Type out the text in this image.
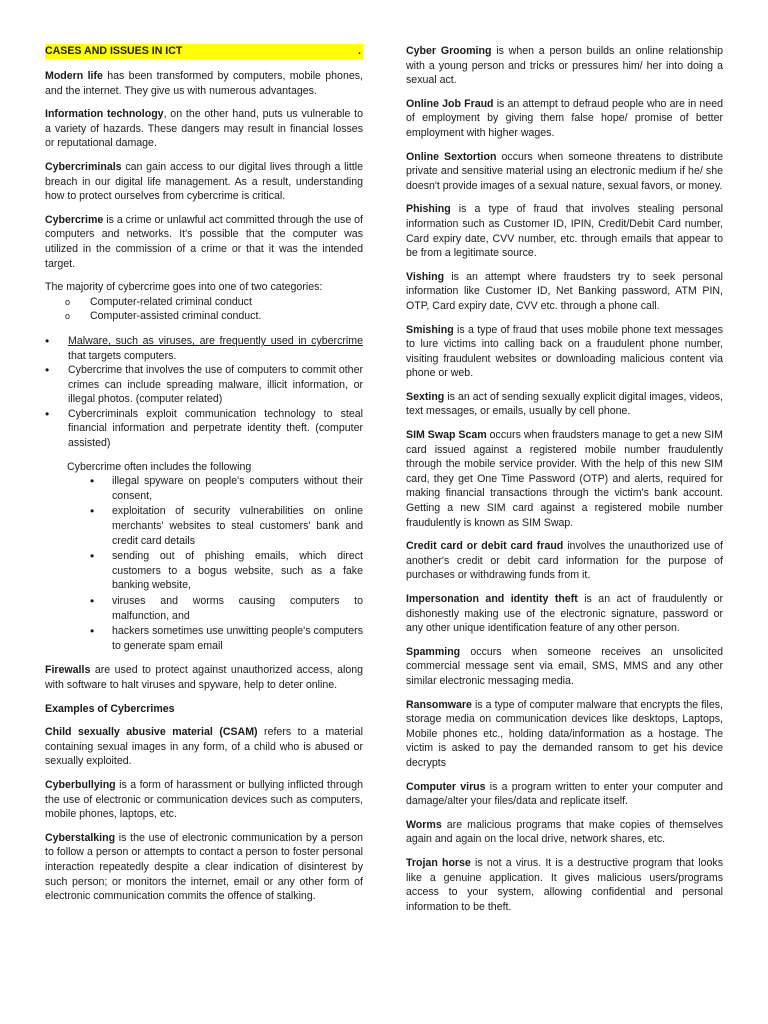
CASES AND ISSUES IN ICT	.

Modern life has been transformed by computers, mobile phones, and the internet. They give us with numerous advantages.

Information technology, on the other hand, puts us vulnerable to a variety of hazards. These dangers may result in financial losses or reputational damage.

Cybercriminals can gain access to our digital lives through a little breach in our digital life management. As a result, understanding how to protect ourselves from cybercrime is critical.

Cybercrime is a crime or unlawful act committed through the use of computers and networks. It's possible that the computer was utilized in the commission of a crime or that it was the intended target.

The majority of cybercrime goes into one of two categories:

o Computer-related criminal conduct
o Computer-assisted criminal conduct.
• Malware, such as viruses, are frequently used in cybercrime that targets computers.
• Cybercrime that involves the use of computers to commit other crimes can include spreading malware, illicit information, or illegal photos. (computer related)
• Cybercriminals exploit communication technology to steal financial information and perpetrate identity theft. (computer assisted)

Cybercrime often includes the following

• illegal spyware on people's computers without their consent,
• exploitation of security vulnerabilities on online merchants' websites to steal customers' bank and credit card details
• sending out of phishing emails, which direct customers to a bogus website, such as a fake banking website,
• viruses and worms causing computers to malfunction, and
• hackers sometimes use unwitting people's computers to generate spam email

Firewalls are used to protect against unauthorized access, along with software to halt viruses and spyware, help to deter online.

Examples of Cybercrimes

Child sexually abusive material (CSAM) refers to a material containing sexual images in any form, of a child who is abused or sexually exploited.

Cyberbullying is a form of harassment or bullying inflicted through the use of electronic or communication devices such as computers, mobile phones, laptops, etc.

Cyberstalking is the use of electronic communication by a person to follow a person or attempts to contact a person to foster personal interaction repeatedly despite a clear indication of disinterest by such person; or monitors the internet, email or any other form of electronic communication commits the offence of stalking.

Cyber Grooming is when a person builds an online relationship with a young person and tricks or pressures him/ her into doing a sexual act.

Online Job Fraud is an attempt to defraud people who are in need of employment by giving them false hope/ promise of better employment with higher wages.

Online Sextortion occurs when someone threatens to distribute private and sensitive material using an electronic medium if he/ she doesn't provide images of a sexual nature, sexual favors, or money.

Phishing is a type of fraud that involves stealing personal information such as Customer ID, IPIN, Credit/Debit Card number, Card expiry date, CVV number, etc. through emails that appear to be from a legitimate source.

Vishing is an attempt where fraudsters try to seek personal information like Customer ID, Net Banking password, ATM PIN, OTP, Card expiry date, CVV etc. through a phone call.

Smishing is a type of fraud that uses mobile phone text messages to lure victims into calling back on a fraudulent phone number, visiting fraudulent websites or downloading malicious content via phone or web.

Sexting is an act of sending sexually explicit digital images, videos, text messages, or emails, usually by cell phone.

SIM Swap Scam occurs when fraudsters manage to get a new SIM card issued against a registered mobile number fraudulently through the mobile service provider. With the help of this new SIM card, they get One Time Password (OTP) and alerts, required for making financial transactions through the victim's bank account. Getting a new SIM card against a registered mobile number fraudulently is known as SIM Swap.

Credit card or debit card fraud involves the unauthorized use of another's credit or debit card information for the purpose of purchases or withdrawing funds from it.

Impersonation and identity theft is an act of fraudulently or dishonestly making use of the electronic signature, password or any other unique identification feature of any other person.

Spamming occurs when someone receives an unsolicited commercial message sent via email, SMS, MMS and any other similar electronic messaging media.

Ransomware is a type of computer malware that encrypts the files, storage media on communication devices like desktops, Laptops, Mobile phones etc., holding data/information as a hostage. The victim is asked to pay the demanded ransom to get his device decrypts

Computer virus is a program written to enter your computer and damage/alter your files/data and replicate itself.

Worms are malicious programs that make copies of themselves again and again on the local drive, network shares, etc.

Trojan horse is not a virus. It is a destructive program that looks like a genuine application. It gives malicious users/programs access to your system, allowing confidential and personal information to be theft.
